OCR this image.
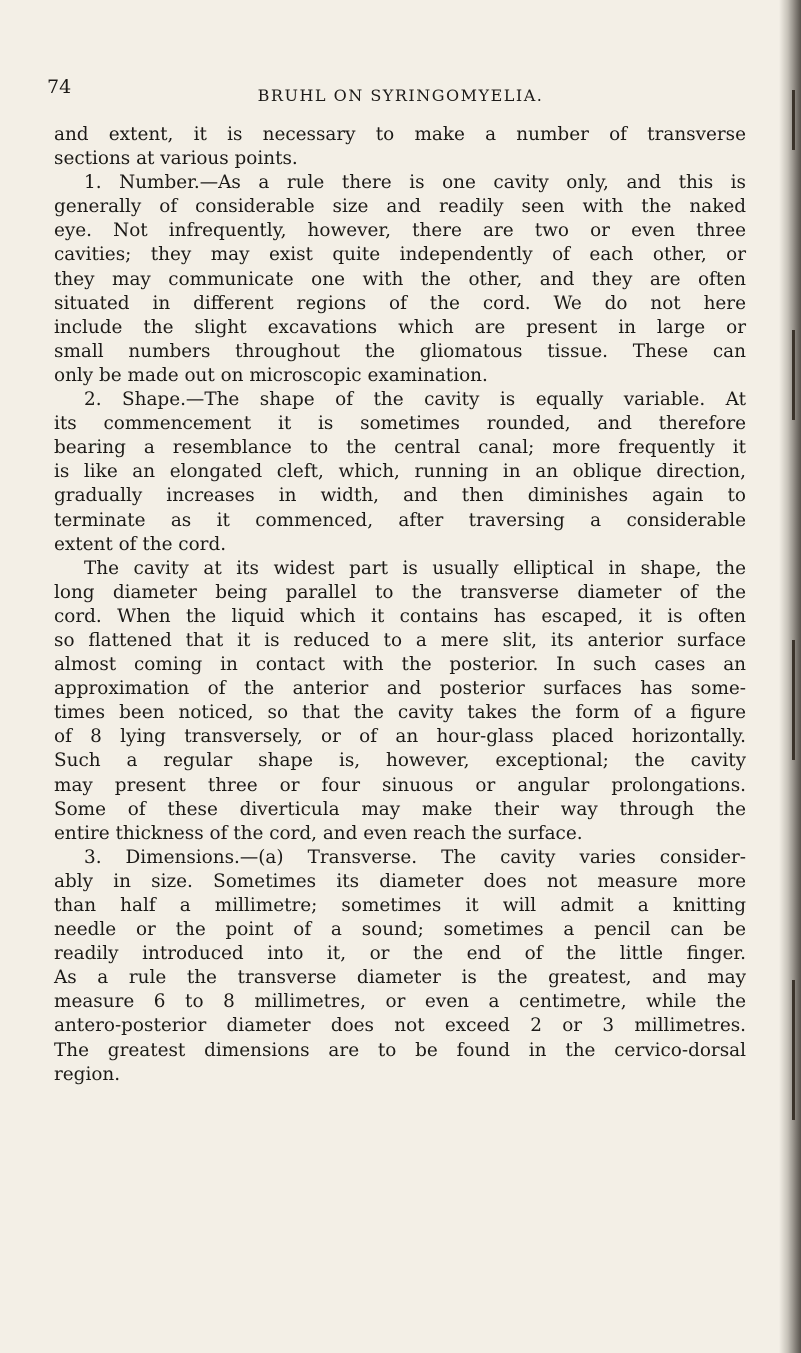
74	BRUHL ON SYRINGOMYELIA.
and extent, it is necessary to make a number of transverse
sections at various points.
1. Number.—As a rule there is one cavity only, and this is
generally of considerable size and readily seen with the naked
eye. Not infrequently, however, there are two or even three
cavities; they may exist quite independently of each other, or
they may communicate one with the other, and they are often
situated in different regions of the cord. We do not here
include the slight excavations which are present in large or
small numbers throughout the gliomatous tissue. These can
only be made out on microscopic examination.
2. Shape.—The shape of the cavity is equally variable. At
its commencement it is sometimes rounded, and therefore
bearing a resemblance to the central canal; more frequently it
is like an elongated cleft, which, running in an oblique direction,
gradually increases in width, and then diminishes again to
terminate as it commenced, after traversing a considerable
extent of the cord.
The cavity at its widest part is usually elliptical in shape, the
long diameter being parallel to the transverse diameter of the
cord. When the liquid which it contains has escaped, it is often
so flattened that it is reduced to a mere slit, its anterior surface
almost coming in contact with the posterior. In such cases an
approximation of the anterior and posterior surfaces has some-
times been noticed, so that the cavity takes the form of a figure
of 8 lying transversely, or of an hour-glass placed horizontally.
Such a regular shape is, however, exceptional; the cavity
may present three or four sinuous or angular prolongations.
Some of these diverticula may make their way through the
entire thickness of the cord, and even reach the surface.
3. Dimensions.—(a) Transverse. The cavity varies consider-
ably in size. Sometimes its diameter does not measure more
than half a millimetre; sometimes it will admit a knitting
needle or the point of a sound; sometimes a pencil can be
readily introduced into it, or the end of the little finger.
As a rule the transverse diameter is the greatest, and may
measure 6 to 8 millimetres, or even a centimetre, while the
antero-posterior diameter does not exceed 2 or 3 millimetres.
The greatest dimensions are to be found in the cervico-dorsal
region.
